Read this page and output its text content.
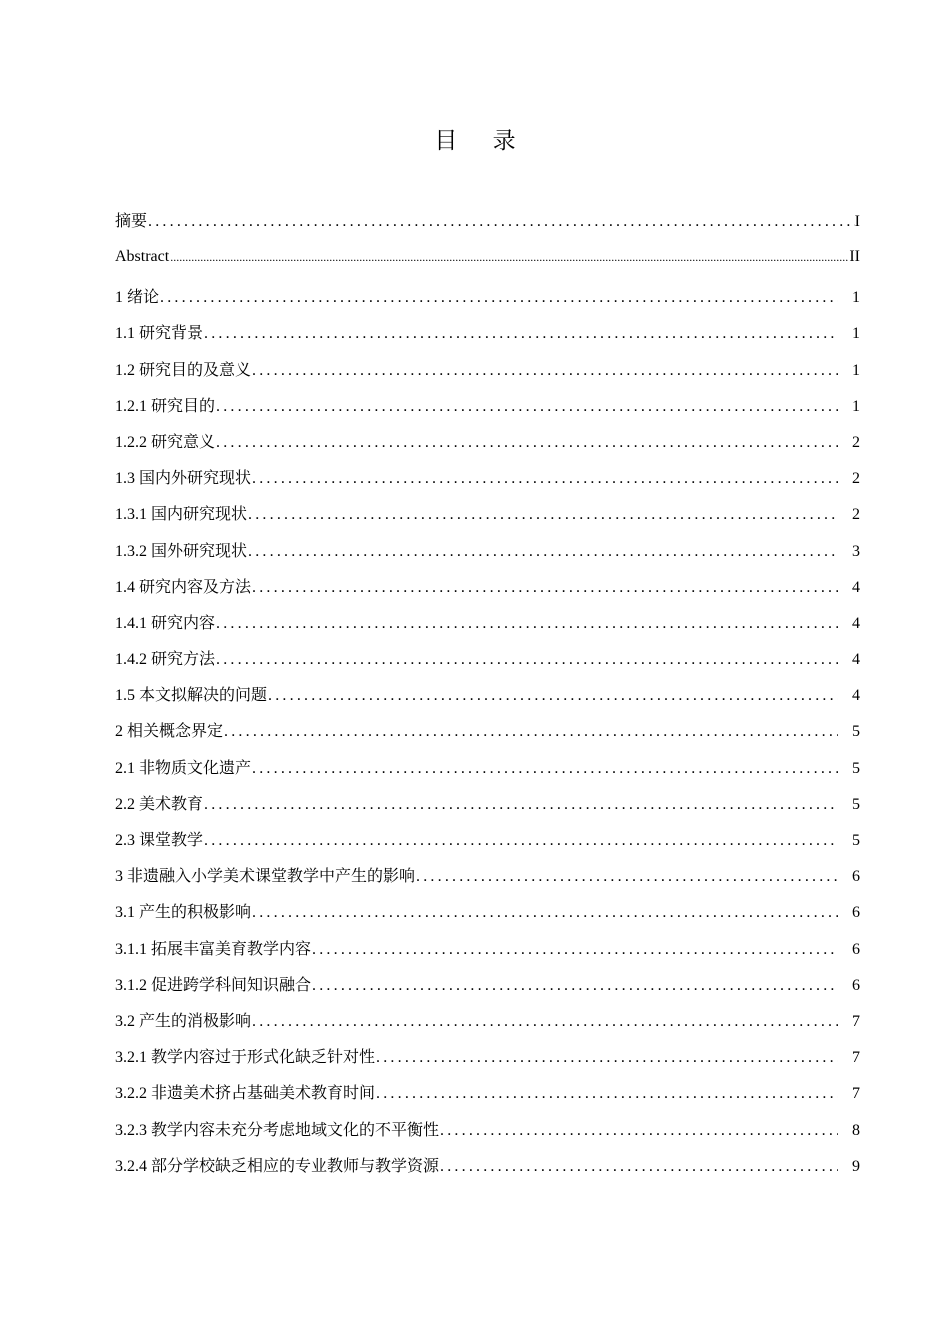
目 录
摘要 .....	I
Abstract .....	II
1 绪论 .....	1
1.1 研究背景 .....	1
1.2 研究目的及意义 .....	1
1.2.1 研究目的 .....	1
1.2.2 研究意义 .....	2
1.3 国内外研究现状 .....	2
1.3.1 国内研究现状 .....	2
1.3.2 国外研究现状 .....	3
1.4 研究内容及方法 .....	4
1.4.1 研究内容 .....	4
1.4.2 研究方法 .....	4
1.5 本文拟解决的问题 .....	4
2 相关概念界定 .....	5
2.1 非物质文化遗产 .....	5
2.2 美术教育 .....	5
2.3 课堂教学 .....	5
3 非遗融入小学美术课堂教学中产生的影响 .....	6
3.1 产生的积极影响 .....	6
3.1.1 拓展丰富美育教学内容 .....	6
3.1.2 促进跨学科间知识融合 .....	6
3.2 产生的消极影响 .....	7
3.2.1 教学内容过于形式化缺乏针对性 .....	7
3.2.2 非遗美术挤占基础美术教育时间 .....	7
3.2.3 教学内容未充分考虑地域文化的不平衡性 .....	8
3.2.4 部分学校缺乏相应的专业教师与教学资源 .....	9
